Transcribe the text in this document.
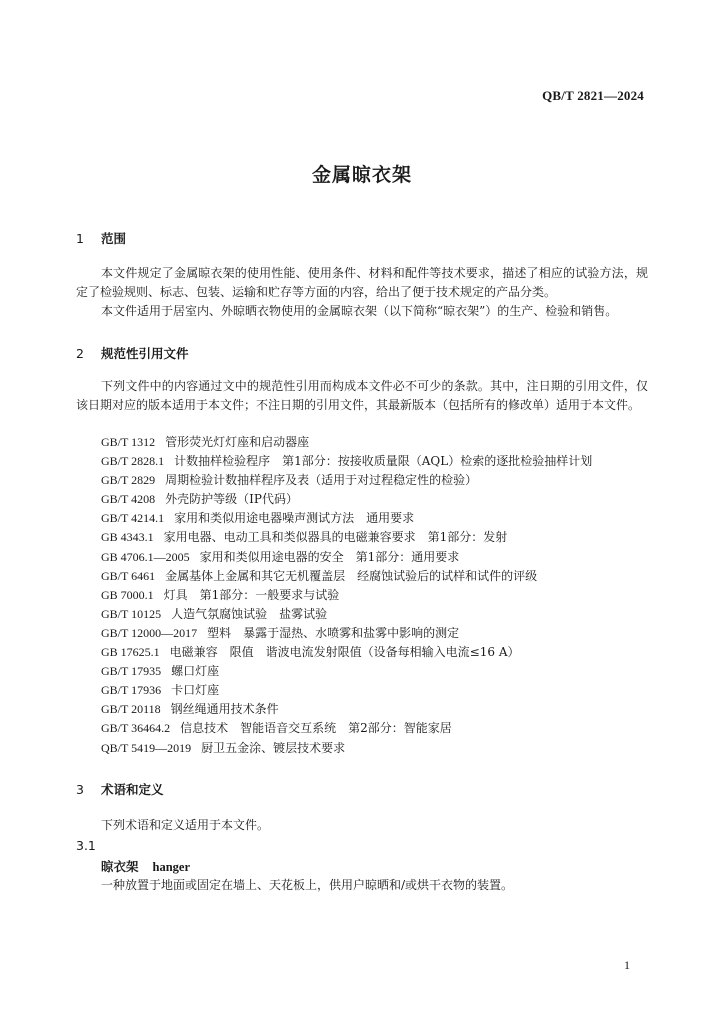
QB/T 2821—2024
金属晾衣架
1	范围

本文件规定了金属晾衣架的使用性能、使用条件、材料和配件等技术要求，描述了相应的试验方法，规定了检验规则、标志、包装、运输和贮存等方面的内容，给出了便于技术规定的产品分类。

本文件适用于居室内、外晾晒衣物使用的金属晾衣架（以下简称“晾衣架”）的生产、检验和销售。

2	规范性引用文件

下列文件中的内容通过文中的规范性引用而构成本文件必不可少的条款。其中，注日期的引用文件，仅该日期对应的版本适用于本文件；不注日期的引用文件，其最新版本（包括所有的修改单）适用于本文件。

GB/T 1312 管形荧光灯灯座和启动器座
GB/T 2828.1 计数抽样检验程序　第1部分：按接收质量限（AQL）检索的逐批检验抽样计划
GB/T 2829 周期检验计数抽样程序及表（适用于对过程稳定性的检验）
GB/T 4208 外壳防护等级（IP代码）
GB/T 4214.1 家用和类似用途电器噪声测试方法　通用要求
GB 4343.1 家用电器、电动工具和类似器具的电磁兼容要求　第1部分：发射
GB 4706.1—2005 家用和类似用途电器的安全　第1部分：通用要求
GB/T 6461 金属基体上金属和其它无机覆盖层　经腐蚀试验后的试样和试件的评级
GB 7000.1 灯具　第1部分：一般要求与试验
GB/T 10125 人造气氛腐蚀试验　盐雾试验
GB/T 12000—2017 塑料　暴露于湿热、水喷雾和盐雾中影响的测定
GB 17625.1 电磁兼容　限值　谐波电流发射限值（设备每相输入电流≤16 A）
GB/T 17935 螺口灯座
GB/T 17936 卡口灯座
GB/T 20118 钢丝绳通用技术条件
GB/T 36464.2 信息技术　智能语音交互系统　第2部分：智能家居
QB/T 5419—2019 厨卫五金涂、镀层技术要求
3	术语和定义

下列术语和定义适用于本文件。

3.1
晾衣架 hanger
一种放置于地面或固定在墙上、天花板上，供用户晾晒和/或烘干衣物的装置。
1
